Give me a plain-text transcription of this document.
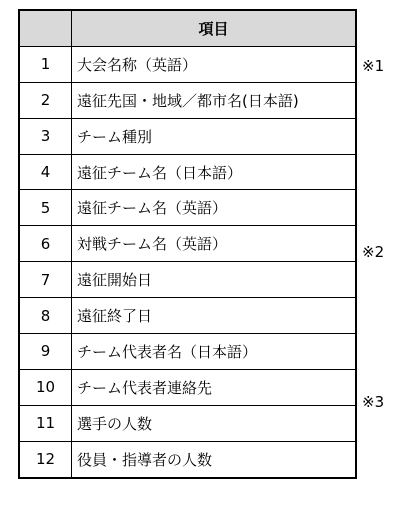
	項目
1	大会名称（英語）
2	遠征先国・地域／都市名(日本語)
3	チーム種別
4	遠征チーム名（日本語）
5	遠征チーム名（英語）
6	対戦チーム名（英語）
7	遠征開始日
8	遠征終了日
9	チーム代表者名（日本語）
10	チーム代表者連絡先
11	選手の人数
12	役員・指導者の人数
※1
※2
※3
